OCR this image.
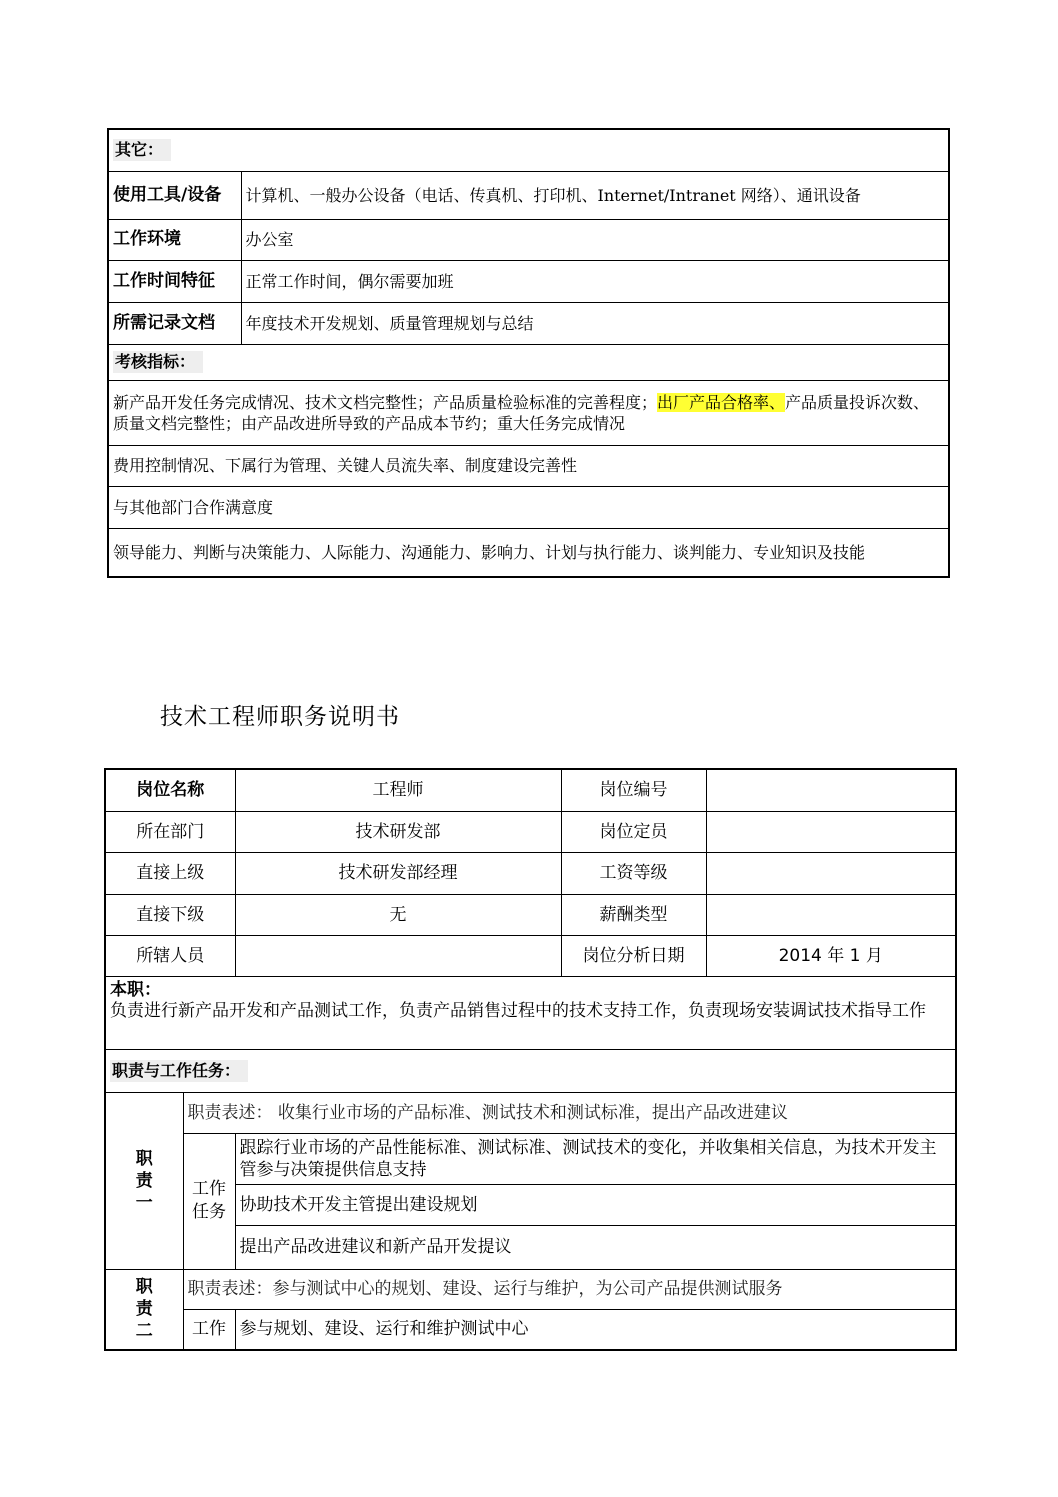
其它：	
使用工具/设备	计算机、一般办公设备（电话、传真机、打印机、Internet/Intranet 网络）、通讯设备
工作环境	办公室
工作时间特征	正常工作时间，偶尔需要加班
所需记录文档	年度技术开发规划、质量管理规划与总结
考核指标：	
新产品开发任务完成情况、技术文档完整性；产品质量检验标准的完善程度；出厂产品合格率、产品质量投诉次数、质量文档完整性；由产品改进所导致的产品成本节约；重大任务完成情况	
费用控制情况、下属行为管理、关键人员流失率、制度建设完善性	
与其他部门合作满意度	
领导能力、判断与决策能力、人际能力、沟通能力、影响力、计划与执行能力、谈判能力、专业知识及技能	
技术工程师职务说明书
岗位名称		工程师	岗位编号	
所在部门		技术研发部	岗位定员	
直接上级		技术研发部经理	工资等级	
直接下级		无	薪酬类型	
所辖人员			岗位分析日期	2014 年 1 月

本职：
负责进行新产品开发和产品测试工作，负责产品销售过程中的技术支持工作，负责现场安装调试技术指导工作				

职责与工作任务：				
职
责
一	职责表述： 收集行业市场的产品标准、测试技术和测试标准，提出产品改进建议			
	工作
任务	跟踪行业市场的产品性能标准、测试标准、测试技术的变化，并收集相关信息，为技术开发主管参与决策提供信息支持		
		协助技术开发主管提出建设规划		
		提出产品改进建议和新产品开发提议		
职
责
二	职责表述：参与测试中心的规划、建设、运行与维护，为公司产品提供测试服务			
	工作	参与规划、建设、运行和维护测试中心		
